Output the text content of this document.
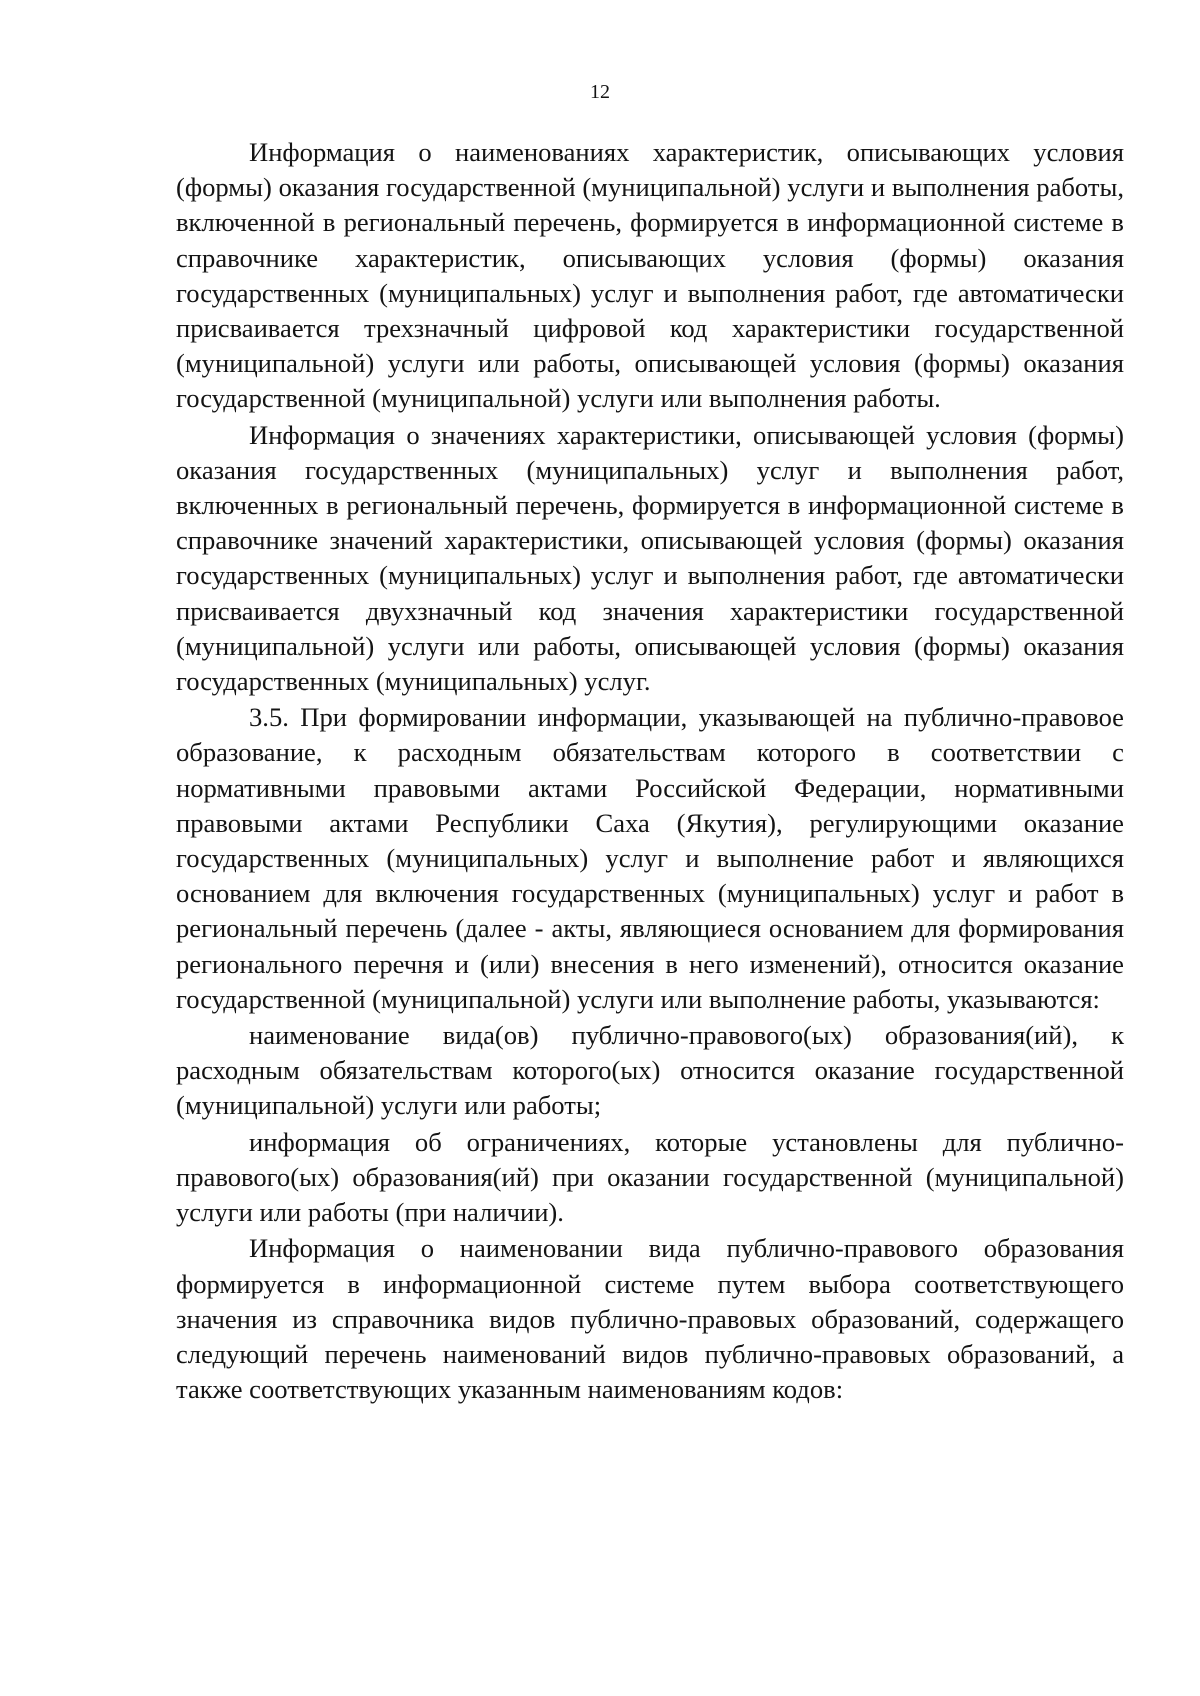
12

Информация о наименованиях характеристик, описывающих условия (формы) оказания государственной (муниципальной) услуги и выполнения работы, включенной в региональный перечень, формируется в информационной системе в справочнике характеристик, описывающих условия (формы) оказания государственных (муниципальных) услуг и выполнения работ, где автоматически присваивается трехзначный цифровой код характеристики государственной (муниципальной) услуги или работы, описывающей условия (формы) оказания государственной (муниципальной) услуги или выполнения работы.

Информация о значениях характеристики, описывающей условия (формы) оказания государственных (муниципальных) услуг и выполнения работ, включенных в региональный перечень, формируется в информационной системе в справочнике значений характеристики, описывающей условия (формы) оказания государственных (муниципальных) услуг и выполнения работ, где автоматически присваивается двухзначный код значения характеристики государственной (муниципальной) услуги или работы, описывающей условия (формы) оказания государственных (муниципальных) услуг.

3.5. При формировании информации, указывающей на публично-правовое образование, к расходным обязательствам которого в соответствии с нормативными правовыми актами Российской Федерации, нормативными правовыми актами Республики Саха (Якутия), регулирующими оказание государственных (муниципальных) услуг и выполнение работ и являющихся основанием для включения государственных (муниципальных) услуг и работ в региональный перечень (далее - акты, являющиеся основанием для формирования регионального перечня и (или) внесения в него изменений), относится оказание государственной (муниципальной) услуги или выполнение работы, указываются:

наименование вида(ов) публично-правового(ых) образования(ий), к расходным обязательствам которого(ых) относится оказание государственной (муниципальной) услуги или работы;

информация об ограничениях, которые установлены для публично-правового(ых) образования(ий) при оказании государственной (муниципальной) услуги или работы (при наличии).

Информация о наименовании вида публично-правового образования формируется в информационной системе путем выбора соответствующего значения из справочника видов публично-правовых образований, содержащего следующий перечень наименований видов публично-правовых образований, а также соответствующих указанным наименованиям кодов:
